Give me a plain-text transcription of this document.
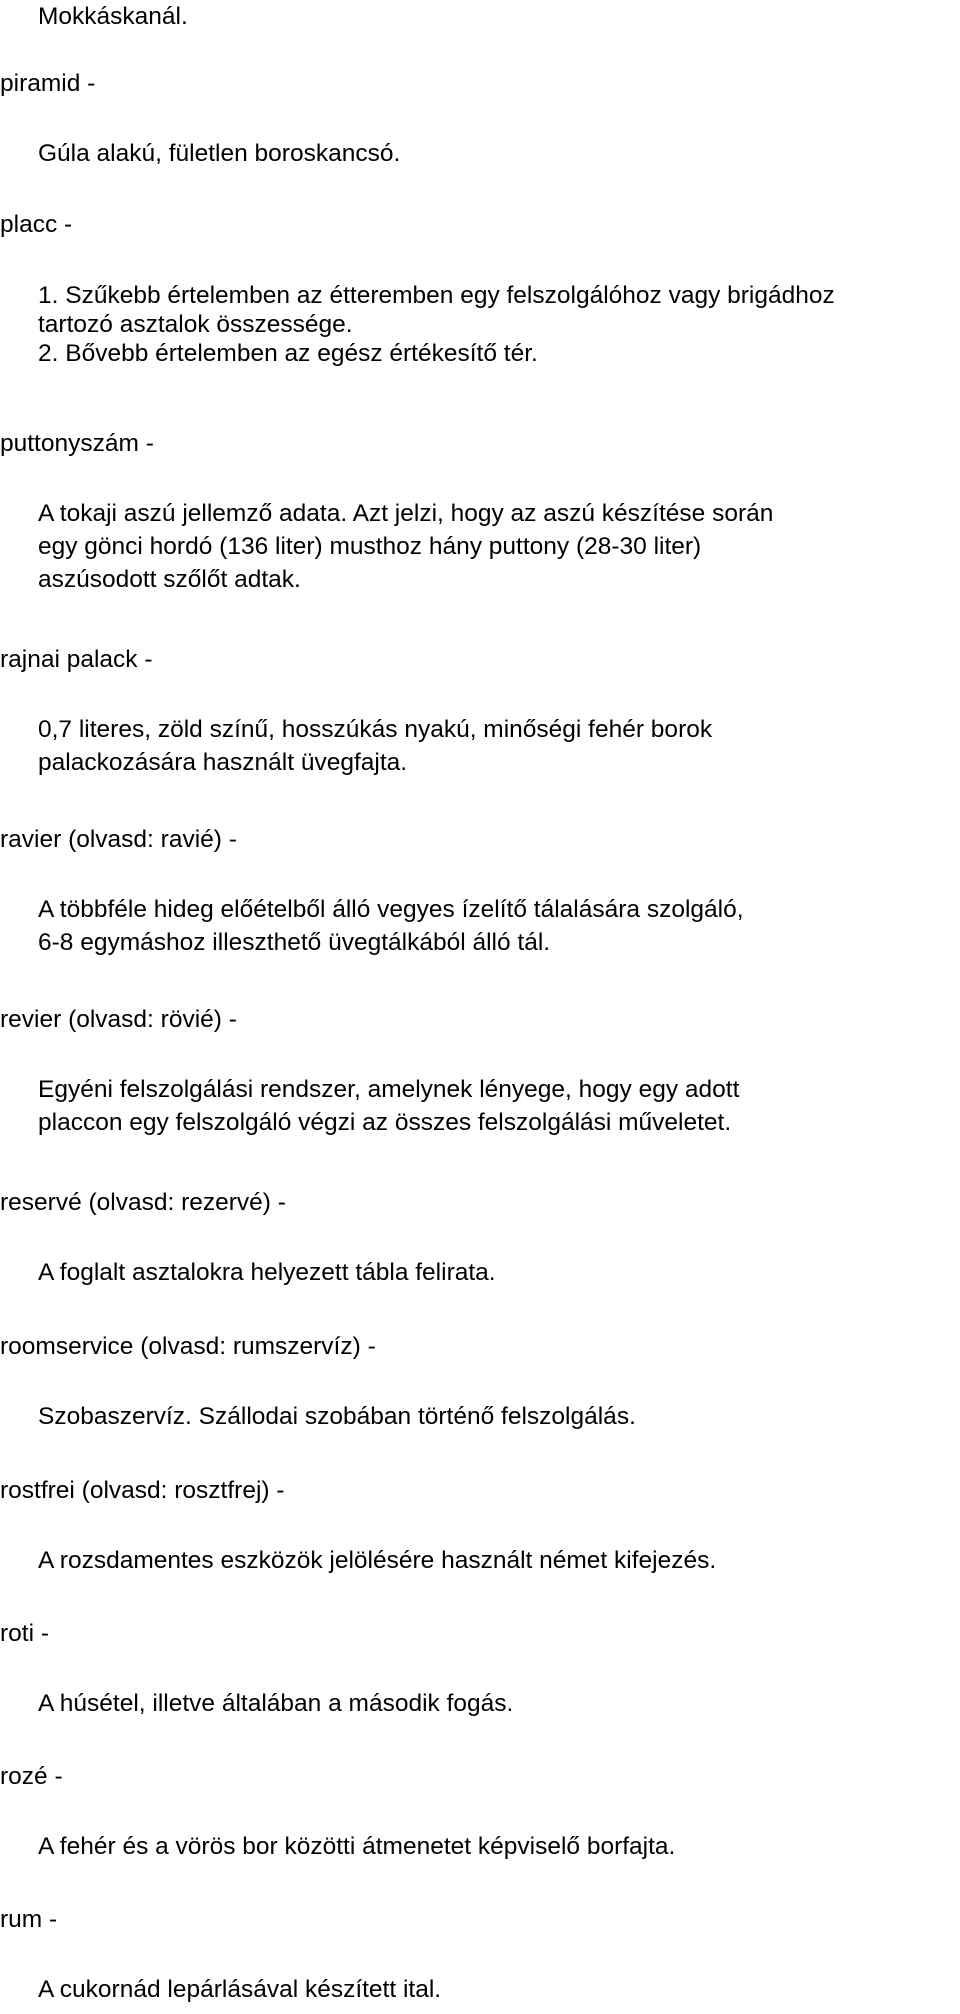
Mokkáskanál.

piramid -

Gúla alakú, fületlen boroskancsó.

placc -

1. Szűkebb értelemben az étteremben egy felszolgálóhoz vagy brigádhoz

tartozó asztalok összessége.
2. Bővebb értelemben az egész értékesítő tér.

puttonyszám -

A tokaji aszú jellemző adata. Azt jelzi, hogy az aszú készítése során

egy gönci hordó (136 liter) musthoz hány puttony (28-30 liter)

aszúsodott szőlőt adtak.

rajnai palack -

0,7 literes, zöld színű, hosszúkás nyakú, minőségi fehér borok

palackozására használt üvegfajta.

ravier (olvasd: ravié) -

A többféle hideg előételből álló vegyes ízelítő tálalására szolgáló,

6-8 egymáshoz illeszthető üvegtálkából álló tál.

revier (olvasd: rövié) -

Egyéni felszolgálási rendszer, amelynek lényege, hogy egy adott

placcon egy felszolgáló végzi az összes felszolgálási műveletet.

reservé (olvasd: rezervé) -

A foglalt asztalokra helyezett tábla felirata.

roomservice (olvasd: rumszervíz) -

Szobaszervíz. Szállodai szobában történő felszolgálás.

rostfrei (olvasd: rosztfrej) -

A rozsdamentes eszközök jelölésére használt német kifejezés.

roti -

A húsétel, illetve általában a második fogás.

rozé -

A fehér és a vörös bor közötti átmenetet képviselő borfajta.

rum -

A cukornád lepárlásával készített ital.
